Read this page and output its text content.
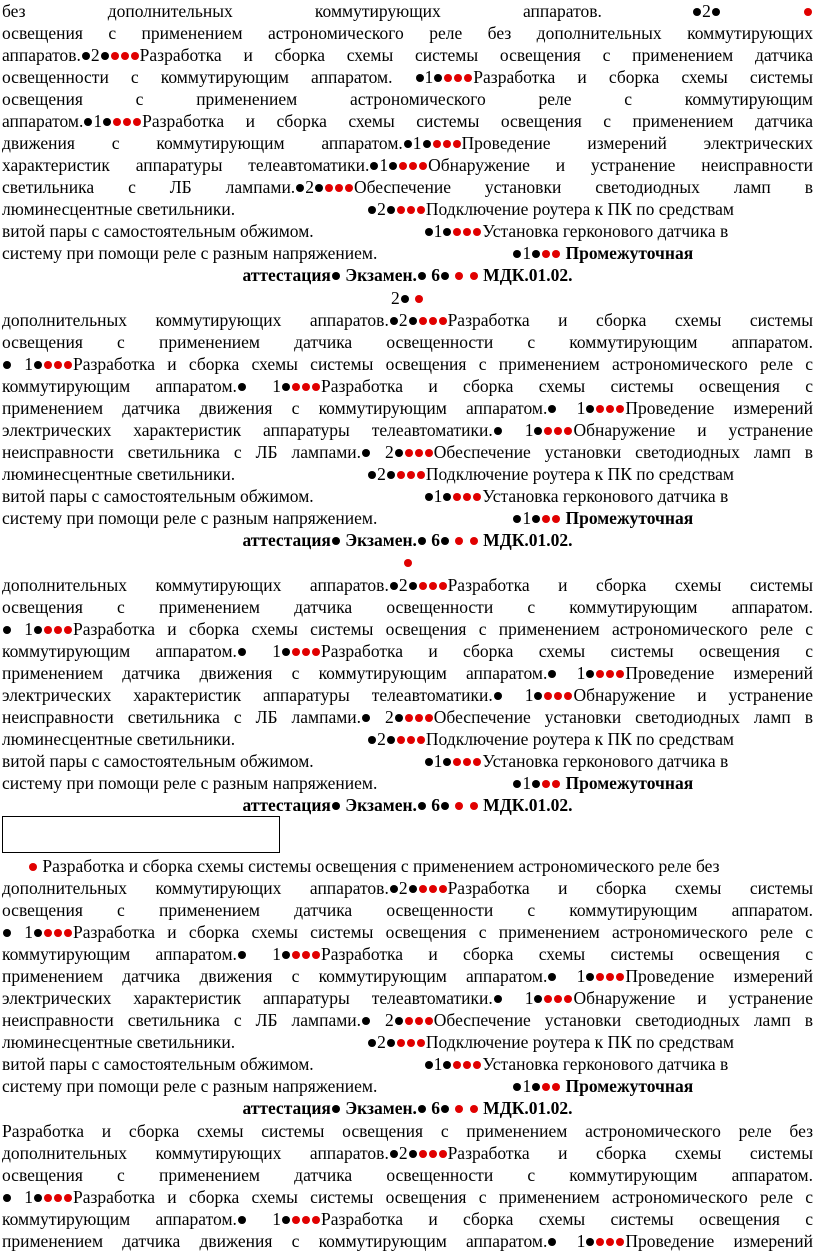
без дополнительных коммутирующих аппаратов.	2
освещения с применением астрономического реле без дополнительных коммутирующих
аппаратов. 2 Разработка и сборка схемы системы освещения с применением датчика
освещенности с коммутирующим аппаратом. 1 Разработка и сборка схемы системы
освещения с применением астрономического реле с коммутирующим
аппаратом. 1 Разработка и сборка схемы системы освещения с применением датчика
движения с коммутирующим аппаратом. 1 Проведение измерений электрических
характеристик аппаратуры телеавтоматики. 1 Обнаружение и устранение неисправности
светильника с ЛБ лампами. 2 Обеспечение установки светодиодных ламп в
люминесцентные светильники.	2 Подключение роутера к ПК по средствам
витой пары с самостоятельным обжимом.	1 Установка герконового датчика в
систему при помощи реле с разным напряжением.	1 Промежуточная
аттестация Экзамен. 6 МДК.01.02.
2
дополнительных коммутирующих аппаратов. 2 Разработка и сборка схемы системы
освещения с применением датчика освещенности с коммутирующим аппаратом.
1 Разработка и сборка схемы системы освещения с применением астрономического реле с
коммутирующим аппаратом. 1 Разработка и сборка схемы системы освещения с
применением датчика движения с коммутирующим аппаратом. 1 Проведение измерений
электрических характеристик аппаратуры телеавтоматики. 1 Обнаружение и устранение
неисправности светильника с ЛБ лампами. 2 Обеспечение установки светодиодных ламп в
люминесцентные светильники.	2 Подключение роутера к ПК по средствам
витой пары с самостоятельным обжимом.	1 Установка герконового датчика в
систему при помощи реле с разным напряжением.	1 Промежуточная
аттестация Экзамен. 6 МДК.01.02.
дополнительных коммутирующих аппаратов. 2 Разработка и сборка схемы системы
освещения с применением датчика освещенности с коммутирующим аппаратом.
1 Разработка и сборка схемы системы освещения с применением астрономического реле с
коммутирующим аппаратом. 1 Разработка и сборка схемы системы освещения с
применением датчика движения с коммутирующим аппаратом. 1 Проведение измерений
электрических характеристик аппаратуры телеавтоматики. 1 Обнаружение и устранение
неисправности светильника с ЛБ лампами. 2 Обеспечение установки светодиодных ламп в
люминесцентные светильники.	2 Подключение роутера к ПК по средствам
витой пары с самостоятельным обжимом.	1 Установка герконового датчика в
систему при помощи реле с разным напряжением.	1 Промежуточная
аттестация Экзамен. 6 МДК.01.02.
Разработка и сборка схемы системы освещения с применением астрономического реле без
дополнительных коммутирующих аппаратов. 2 Разработка и сборка схемы системы
освещения с применением датчика освещенности с коммутирующим аппаратом.
1 Разработка и сборка схемы системы освещения с применением астрономического реле с
коммутирующим аппаратом. 1 Разработка и сборка схемы системы освещения с
применением датчика движения с коммутирующим аппаратом. 1 Проведение измерений
электрических характеристик аппаратуры телеавтоматики. 1 Обнаружение и устранение
неисправности светильника с ЛБ лампами. 2 Обеспечение установки светодиодных ламп в
люминесцентные светильники.	2 Подключение роутера к ПК по средствам
витой пары с самостоятельным обжимом.	1 Установка герконового датчика в
систему при помощи реле с разным напряжением.	1 Промежуточная
аттестация Экзамен. 6 МДК.01.02.
Разработка и сборка схемы системы освещения с применением астрономического реле без
дополнительных коммутирующих аппаратов. 2 Разработка и сборка схемы системы
освещения с применением датчика освещенности с коммутирующим аппаратом.
1 Разработка и сборка схемы системы освещения с применением астрономического реле с
коммутирующим аппаратом. 1 Разработка и сборка схемы системы освещения с
применением датчика движения с коммутирующим аппаратом. 1 Проведение измерений
